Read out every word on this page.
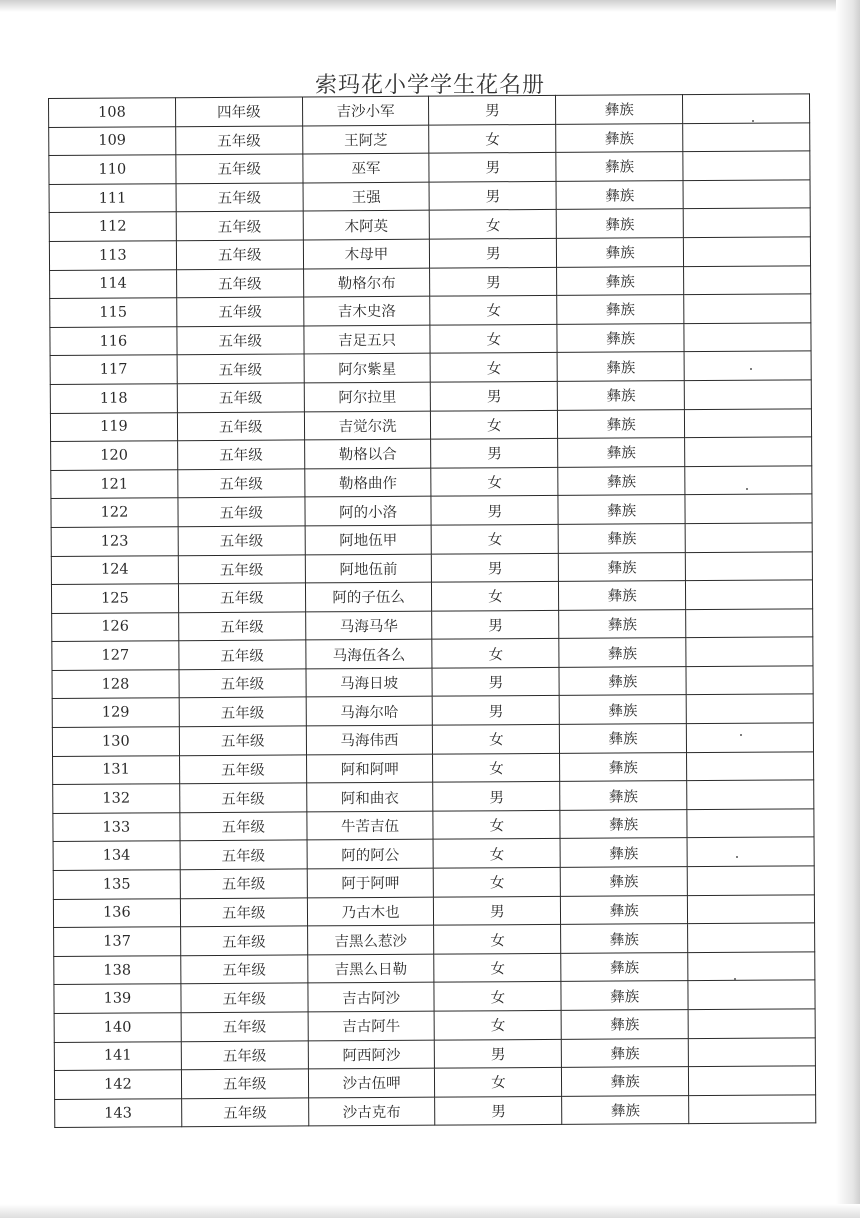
索玛花小学学生花名册
108	四年级	吉沙小军	男	彝族	
109	五年级	王阿芝	女	彝族	
110	五年级	巫军	男	彝族	
111	五年级	王强	男	彝族	
112	五年级	木阿英	女	彝族	
113	五年级	木母甲	男	彝族	
114	五年级	勒格尔布	男	彝族	
115	五年级	吉木史洛	女	彝族	
116	五年级	吉足五只	女	彝族	
117	五年级	阿尔紫星	女	彝族	
118	五年级	阿尔拉里	男	彝族	
119	五年级	吉觉尔洗	女	彝族	
120	五年级	勒格以合	男	彝族	
121	五年级	勒格曲作	女	彝族	
122	五年级	阿的小洛	男	彝族	
123	五年级	阿地伍甲	女	彝族	
124	五年级	阿地伍前	男	彝族	
125	五年级	阿的子伍么	女	彝族	
126	五年级	马海马华	男	彝族	
127	五年级	马海伍各么	女	彝族	
128	五年级	马海日坡	男	彝族	
129	五年级	马海尔哈	男	彝族	
130	五年级	马海伟西	女	彝族	
131	五年级	阿和阿呷	女	彝族	
132	五年级	阿和曲衣	男	彝族	
133	五年级	牛苦吉伍	女	彝族	
134	五年级	阿的阿公	女	彝族	
135	五年级	阿于阿呷	女	彝族	
136	五年级	乃古木也	男	彝族	
137	五年级	吉黑么惹沙	女	彝族	
138	五年级	吉黑么日勒	女	彝族	
139	五年级	吉古阿沙	女	彝族	
140	五年级	吉古阿牛	女	彝族	
141	五年级	阿西阿沙	男	彝族	
142	五年级	沙古伍呷	女	彝族	
143	五年级	沙古克布	男	彝族	
